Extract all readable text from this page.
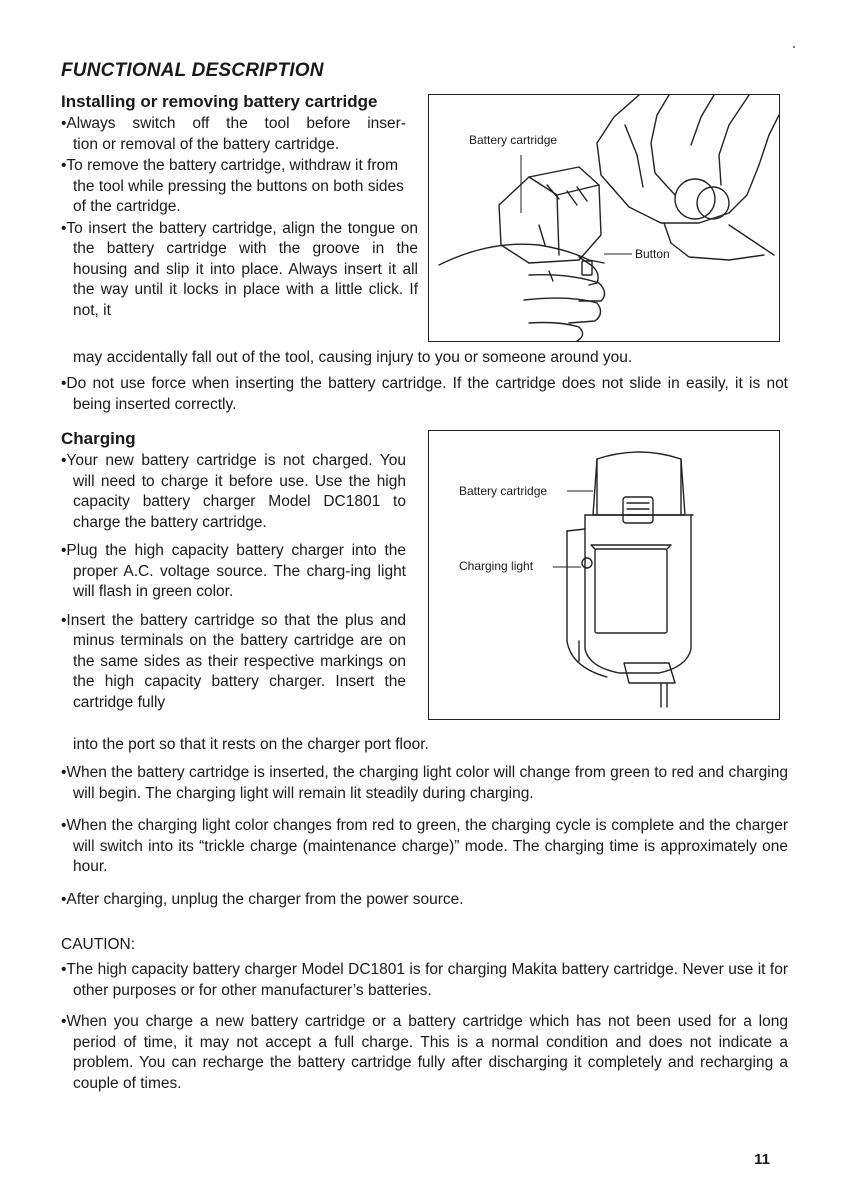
FUNCTIONAL DESCRIPTION
Installing or removing battery cartridge

•Always switch off the tool before inser-

tion or removal of the battery cartridge.

•To remove the battery cartridge, withdraw it from the tool while pressing the buttons on both sides of the cartridge.

•To insert the battery cartridge, align the tongue on the battery cartridge with the groove in the housing and slip it into place. Always insert it all the way until it locks in place with a little click. If not, it

may accidentally fall out of the tool, causing injury to you or someone around you.

•Do not use force when inserting the battery cartridge. If the cartridge does not slide in easily, it is not being inserted correctly.

Battery cartridge
Button
Charging

•Your new battery cartridge is not charged. You will need to charge it before use. Use the high capacity battery charger Model DC1801 to charge the battery cartridge.

•Plug the high capacity battery charger into the proper A.C. voltage source. The charg-ing light will flash in green color.

•Insert the battery cartridge so that the plus and minus terminals on the battery cartridge are on the same sides as their respective markings on the high capacity battery charger. Insert the cartridge fully

into the port so that it rests on the charger port floor.

•When the battery cartridge is inserted, the charging light color will change from green to red and charging will begin. The charging light will remain lit steadily during charging.

•When the charging light color changes from red to green, the charging cycle is complete and the charger will switch into its “trickle charge (maintenance charge)” mode. The charging time is approximately one hour.

•After charging, unplug the charger from the power source.

Battery cartridge
Charging light

CAUTION:

•The high capacity battery charger Model DC1801 is for charging Makita battery cartridge. Never use it for other purposes or for other manufacturer’s batteries.

•When you charge a new battery cartridge or a battery cartridge which has not been used for a long period of time, it may not accept a full charge. This is a normal condition and does not indicate a problem. You can recharge the battery cartridge fully after discharging it completely and recharging a couple of times.

11
